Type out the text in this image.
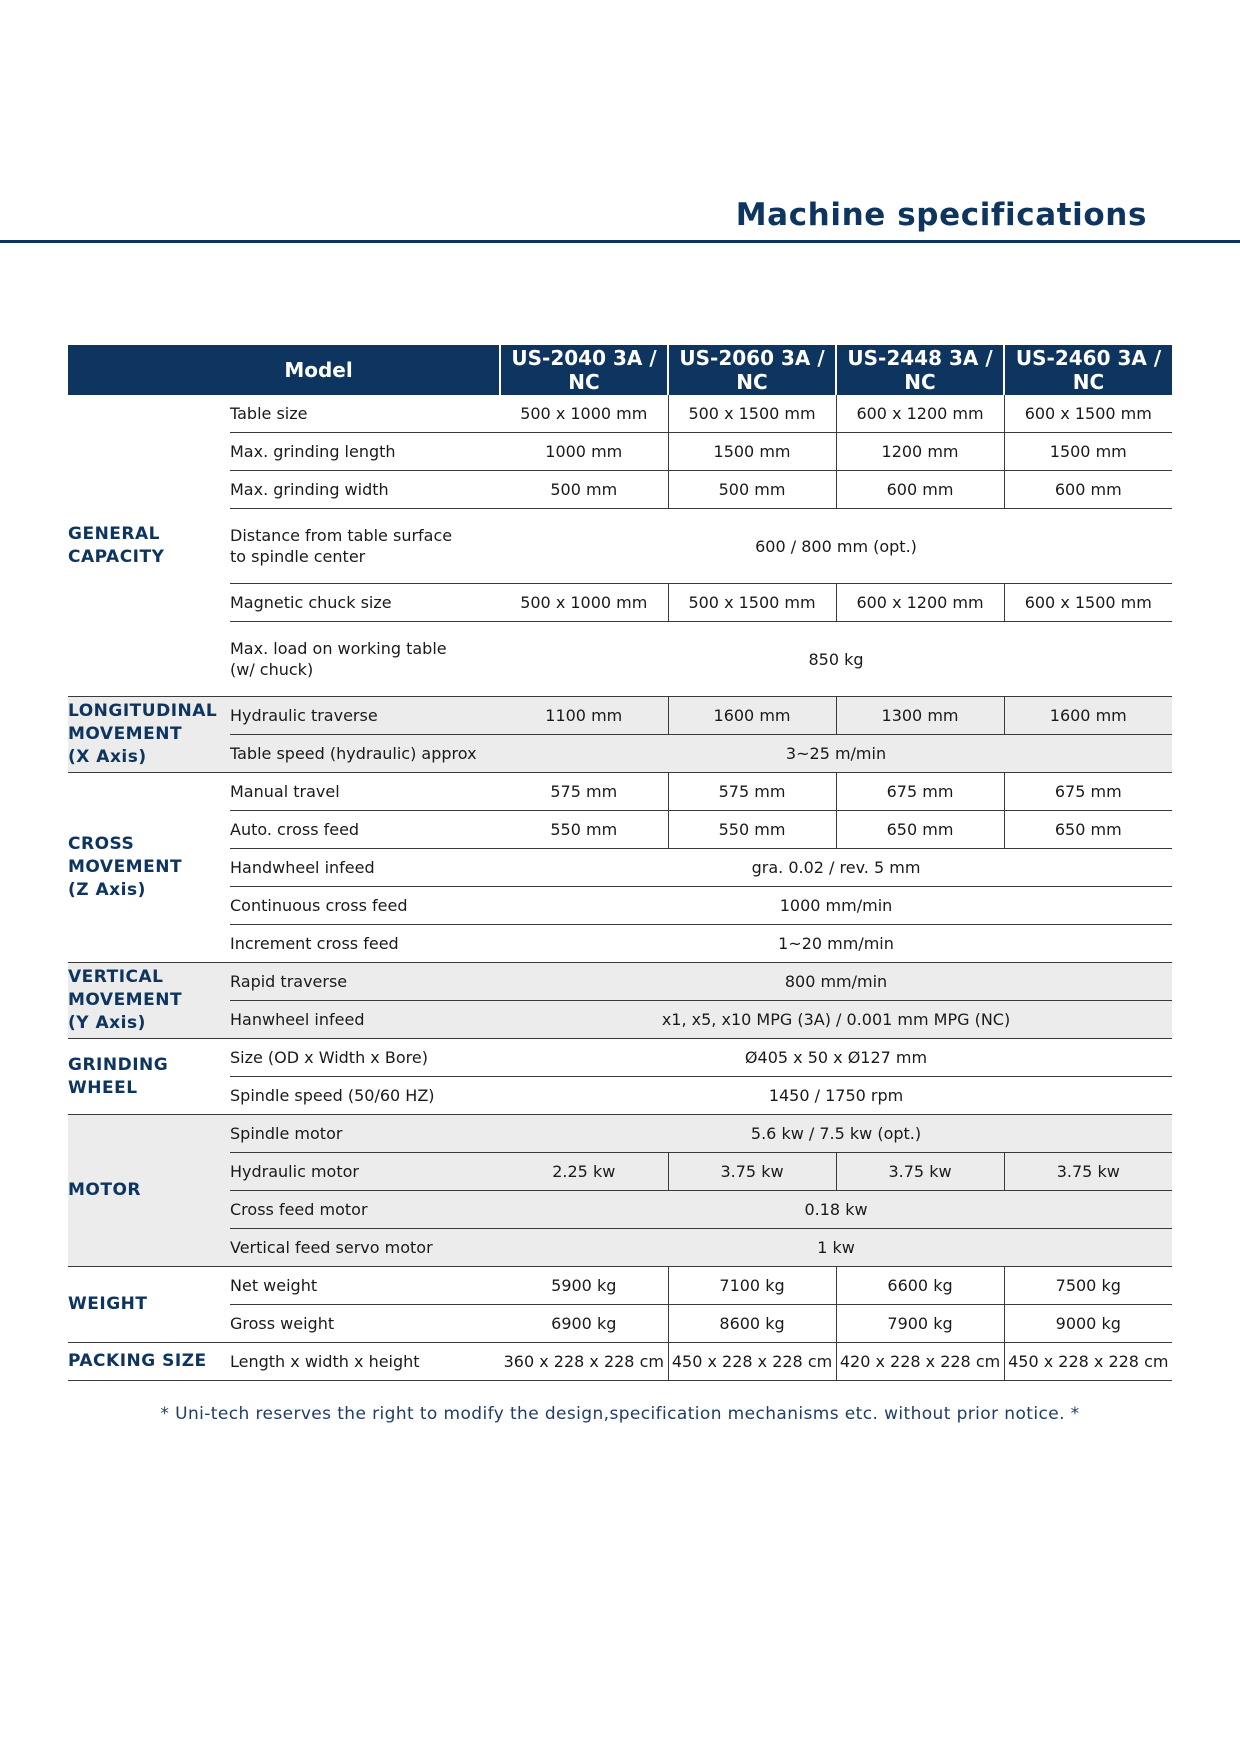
Machine specifications
Model		US-2040 3A / NC	US-2060 3A / NC	US-2448 3A / NC	US-2460 3A / NC
GENERAL
CAPACITY	Table size	500 x 1000 mm	500 x 1500 mm	600 x 1200 mm	600 x 1500 mm
	Max. grinding length	1000 mm	1500 mm	1200 mm	1500 mm
	Max. grinding width	500 mm	500 mm	600 mm	600 mm
	Distance from table surface
to spindle center	600 / 800 mm (opt.)			
	Magnetic chuck size	500 x 1000 mm	500 x 1500 mm	600 x 1200 mm	600 x 1500 mm
	Max. load on working table
(w/ chuck)	850 kg			
LONGITUDINAL
MOVEMENT
(X Axis)	Hydraulic traverse	1100 mm	1600 mm	1300 mm	1600 mm
	Table speed (hydraulic) approx	3~25 m/min			
CROSS
MOVEMENT
(Z Axis)	Manual travel	575 mm	575 mm	675 mm	675 mm
	Auto. cross feed	550 mm	550 mm	650 mm	650 mm
	Handwheel infeed	gra. 0.02 / rev. 5 mm			
	Continuous cross feed	1000 mm/min			
	Increment cross feed	1~20 mm/min			
VERTICAL
MOVEMENT
(Y Axis)	Rapid traverse	800 mm/min			
	Hanwheel infeed	x1, x5, x10 MPG (3A) / 0.001 mm MPG (NC)			
GRINDING
WHEEL	Size (OD x Width x Bore)	Ø405 x 50 x Ø127 mm			
	Spindle speed (50/60 HZ)	1450 / 1750 rpm			
MOTOR	Spindle motor	5.6 kw / 7.5 kw (opt.)			
	Hydraulic motor	2.25 kw	3.75 kw	3.75 kw	3.75 kw
	Cross feed motor	0.18 kw			
	Vertical feed servo motor	1 kw			
WEIGHT	Net weight	5900 kg	7100 kg	6600 kg	7500 kg
	Gross weight	6900 kg	8600 kg	7900 kg	9000 kg
PACKING SIZE	Length x width x height	360 x 228 x 228 cm	450 x 228 x 228 cm	420 x 228 x 228 cm	450 x 228 x 228 cm
* Uni-tech reserves the right to modify the design,specification mechanisms etc. without prior notice. *
